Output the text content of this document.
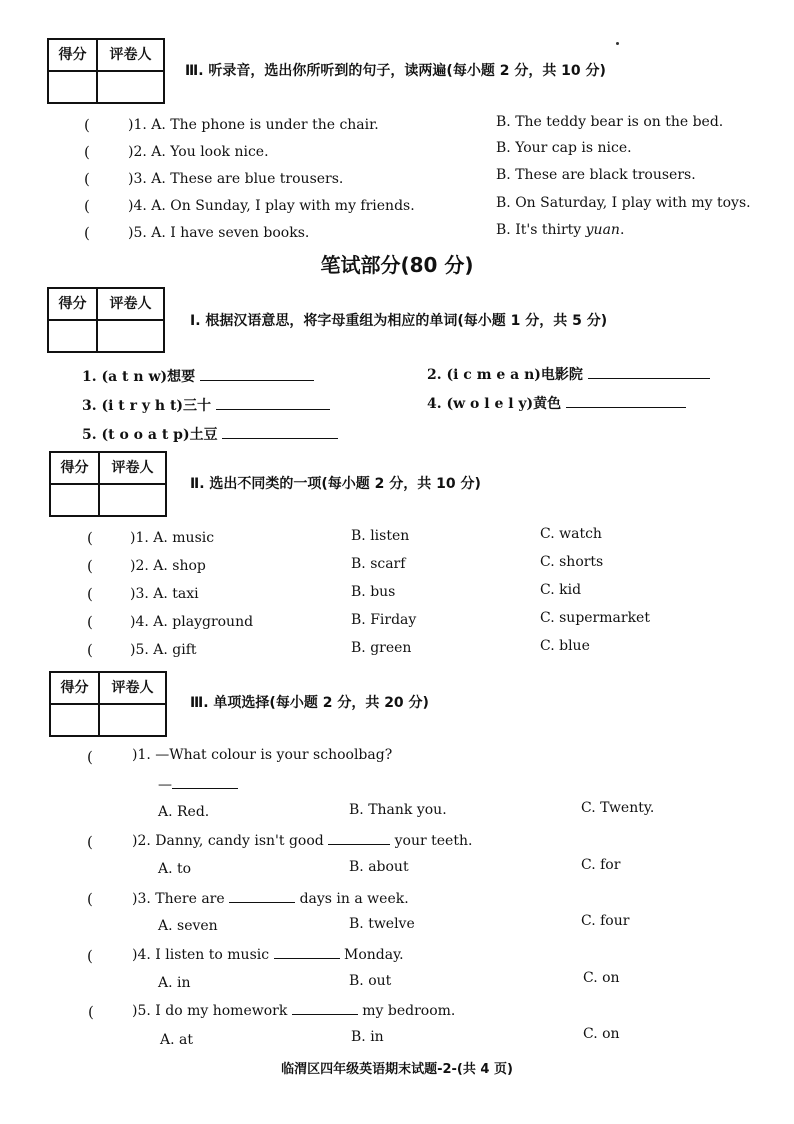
得分	评卷人
Ⅲ. 听录音，选出你所听到的句子，读两遍(每小题 2 分，共 10 分)
(	)1. A. The phone is under the chair.	B. The teddy bear is on the bed.
(	)2. A. You look nice.	B. Your cap is nice.
(	)3. A. These are blue trousers.	B. These are black trousers.
(	)4. A. On Sunday, I play with my friends.	B. On Saturday, I play with my toys.
(	)5. A. I have seven books.	B. It's thirty yuan.
笔试部分(80 分)
得分	评卷人
Ⅰ. 根据汉语意思，将字母重组为相应的单词(每小题 1 分，共 5 分)
1. (a t n w)想要	2. (i c m e a n)电影院
3. (i t r y h t)三十	4. (w o l e l y)黄色
5. (t o o a t p)土豆
得分	评卷人
Ⅱ. 选出不同类的一项(每小题 2 分，共 10 分)
(	)1. A. music	B. listen	C. watch
(	)2. A. shop	B. scarf	C. shorts
(	)3. A. taxi	B. bus	C. kid
(	)4. A. playground	B. Firday	C. supermarket
(	)5. A. gift	B. green	C. blue
得分	评卷人
Ⅲ. 单项选择(每小题 2 分，共 20 分)
(	)1. —What colour is your schoolbag?
—
A. Red.	B. Thank you.	C. Twenty.
(	)2. Danny, candy isn't good	your teeth.
A. to	B. about	C. for
(	)3. There are	days in a week.
A. seven	B. twelve	C. four
(	)4. I listen to music	Monday.
A. in	B. out	C. on
(	)5. I do my homework	my bedroom.
A. at	B. in	C. on
临渭区四年级英语期末试题-2-(共 4 页)
